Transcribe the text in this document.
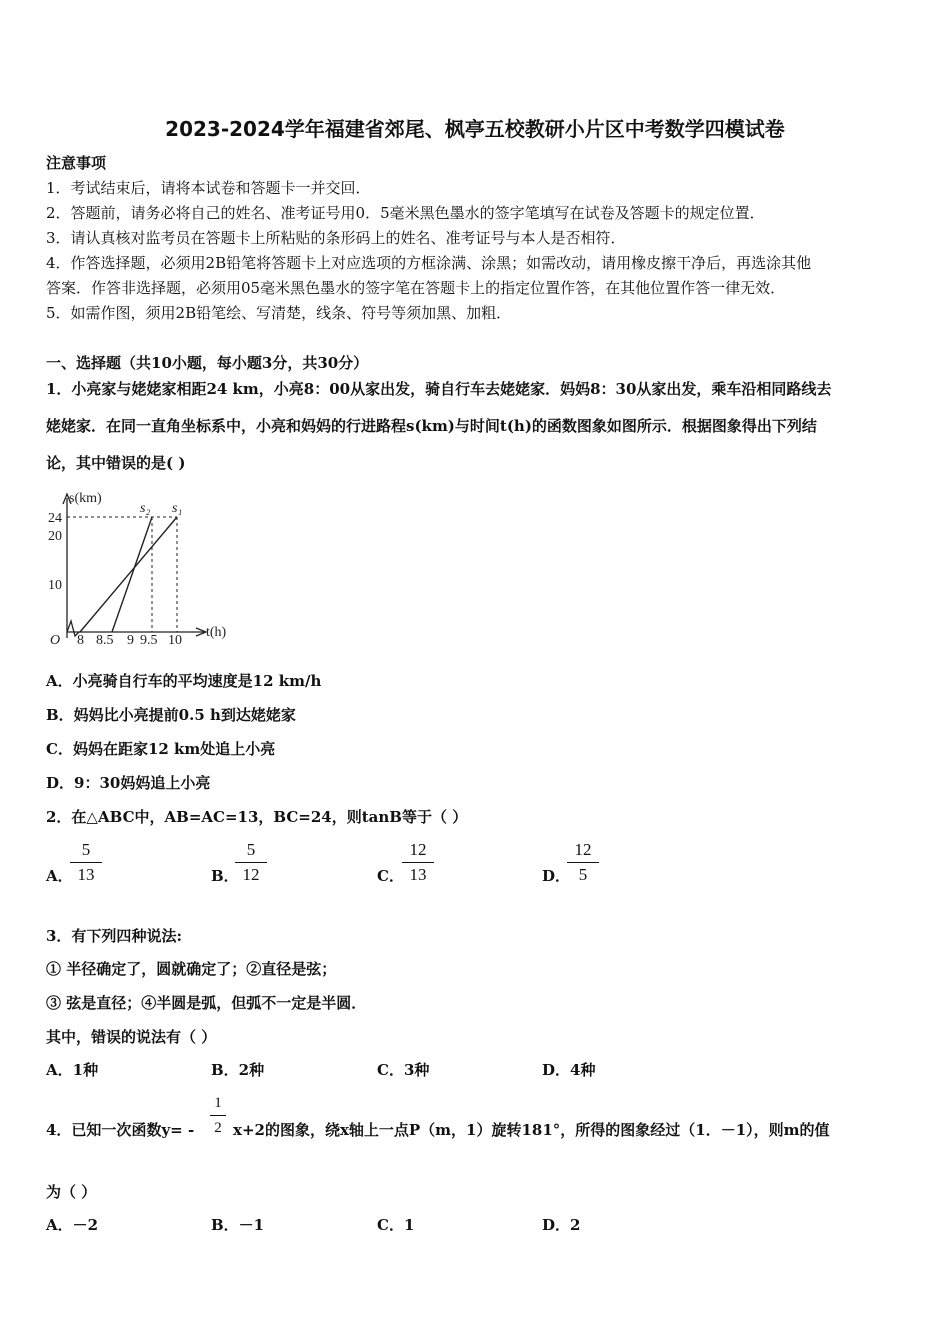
2023-2024学年福建省郊尾、枫亭五校教研小片区中考数学四模试卷
注意事项
1．考试结束后，请将本试卷和答题卡一并交回．
2．答题前，请务必将自己的姓名、准考证号用0．5毫米黑色墨水的签字笔填写在试卷及答题卡的规定位置．
3．请认真核对监考员在答题卡上所粘贴的条形码上的姓名、准考证号与本人是否相符．
4．作答选择题，必须用2B铅笔将答题卡上对应选项的方框涂满、涂黑；如需改动，请用橡皮擦干净后，再选涂其他
答案．作答非选择题，必须用05毫米黑色墨水的签字笔在答题卡上的指定位置作答，在其他位置作答一律无效．
5．如需作图，须用2B铅笔绘、写清楚，线条、符号等须加黑、加粗．
一、选择题（共10小题，每小题3分，共30分）
1．小亮家与姥姥家相距24 km，小亮8：00从家出发，骑自行车去姥姥家．妈妈8：30从家出发，乘车沿相同路线去
姥姥家．在同一直角坐标系中，小亮和妈妈的行进路程s(km)与时间t(h)的函数图象如图所示．根据图象得出下列结
论，其中错误的是( )
s(km)
t(h)
O
24
20
10
8 8.5 9 9.5 10
s₂ s₁
A．小亮骑自行车的平均速度是12 km/h
B．妈妈比小亮提前0.5 h到达姥姥家
C．妈妈在距家12 km处追上小亮
D．9：30妈妈追上小亮
2．在△ABC中，AB=AC=13，BC=24，则tanB等于（ ）
A．
5
13	B．
5
12	C．
12
13	D．
12
5
3．有下列四种说法:
① 半径确定了，圆就确定了；②直径是弦；
③ 弦是直径；④半圆是弧，但弧不一定是半圆．
其中，错误的说法有（ ）
A．1种	B．2种	C．3种	D．4种
4．已知一次函数y= -
1
2 x+2的图象，绕x轴上一点P（m，1）旋转181°，所得的图象经过（1．－1），则m的值
为（ ）
A．－2	B．－1	C．1	D．2
